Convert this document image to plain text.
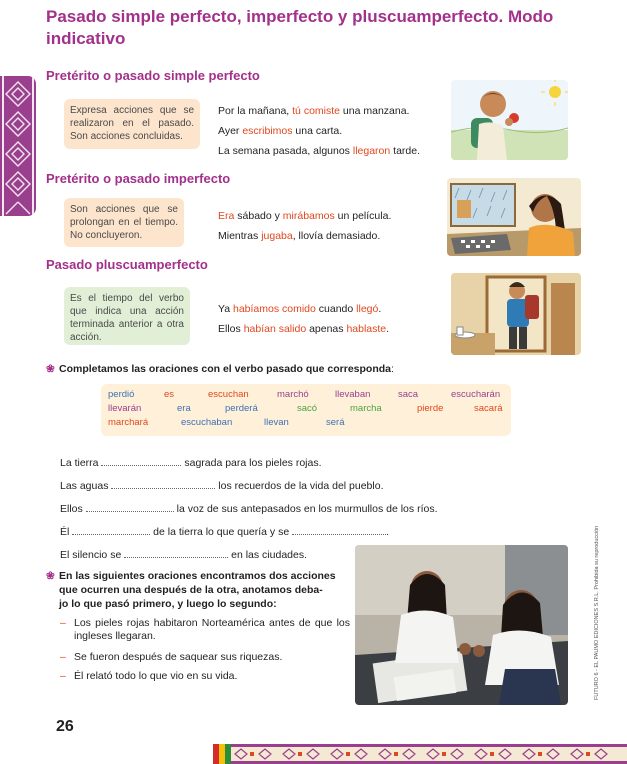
Pasado simple perfecto, imperfecto y pluscuamperfecto. Modo indicativo
Pretérito o pasado simple perfecto
Expresa acciones que se realizaron en el pasado. Son acciones concluidas.
Por la mañana, tú comiste una manzana.
Ayer escribimos una carta.
La semana pasada, algunos llegaron tarde.
Pretérito o pasado imperfecto
Son acciones que se prolongan en el tiempo. No concluyeron.
Era sábado y mirábamos un película.
Mientras jugaba, llovía demasiado.
Pasado pluscuamperfecto
Es el tiempo del verbo que indica una acción terminada anterior a otra acción.
Ya habíamos comido cuando llegó.
Ellos habían salido apenas hablaste.
❀ Completamos las oraciones con el verbo pasado que corresponda:
perdió	es	escuchan	marchó	llevaban	saca	escucharán
llevarán	era	perderá	sacó	marcha	pierde	sacará
marchará	escuchaban	llevan	será
La tierra	sagrada para los pieles rojas.
Las aguas	los recuerdos de la vida del pueblo.
Ellos	la voz de sus antepasados en los murmullos de los ríos.
Él	de la tierra lo que quería y se	.
El silencio se	en las ciudades.
❀ En las siguientes oraciones encontramos dos acciones
que ocurren una después de la otra, anotamos deba-
jo lo que pasó primero, y luego lo segundo:
– Los pieles rojas habitaron Norteamérica antes de que los ingleses llegaran.
– Se fueron después de saquear sus riquezas.
– Él relató todo lo que vio en su vida.	FUTURO 6 - EL PAUMO EDICIONES S.R.L. Prohibida su reproducción
26
